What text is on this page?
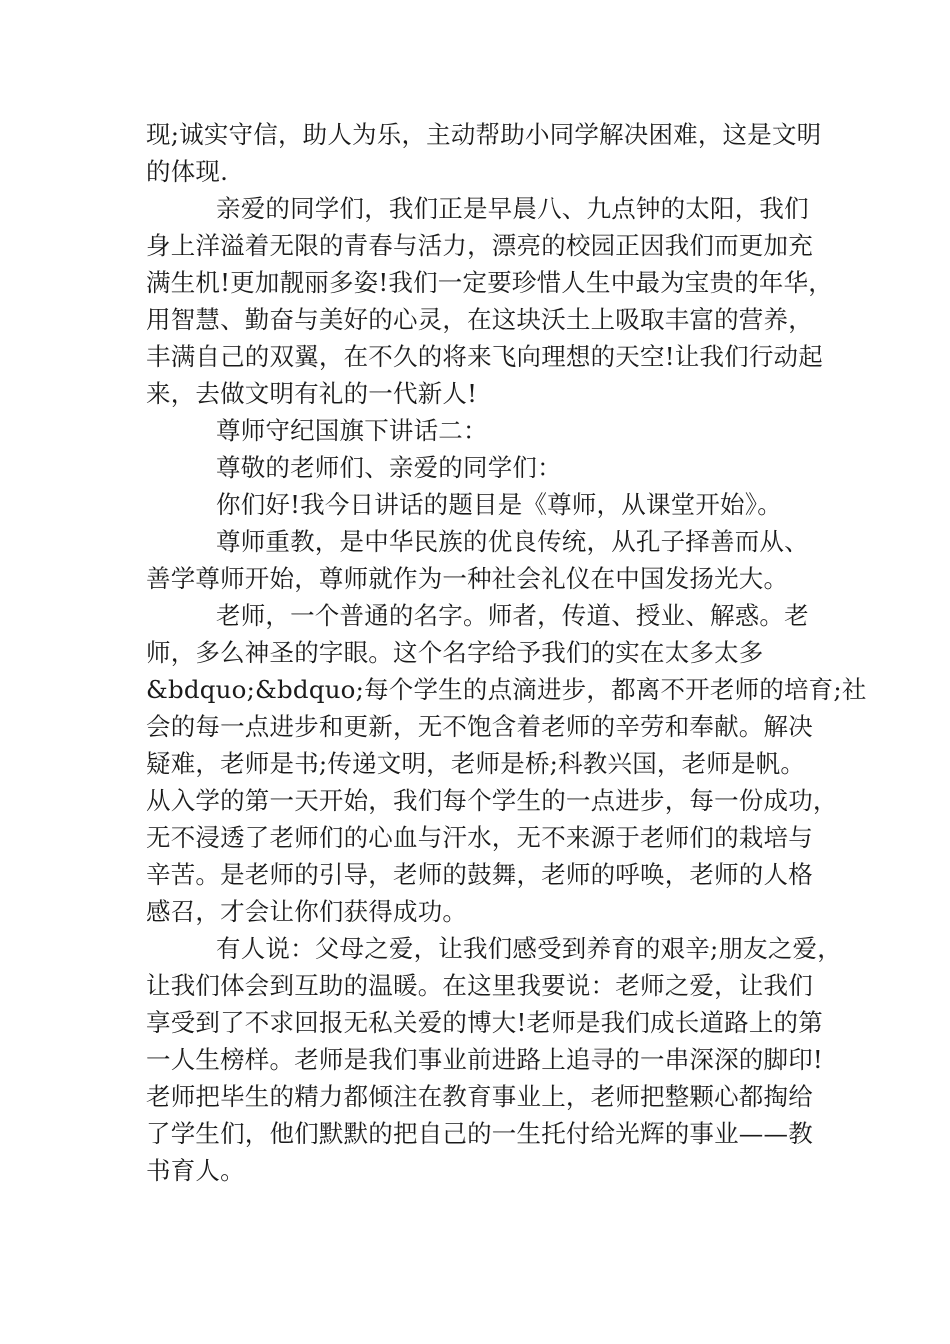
现;诚实守信，助人为乐，主动帮助小同学解决困难，这是文明
的体现.
亲爱的同学们，我们正是早晨八、九点钟的太阳，我们
身上洋溢着无限的青春与活力，漂亮的校园正因我们而更加充
满生机!更加靓丽多姿!我们一定要珍惜人生中最为宝贵的年华，
用智慧、勤奋与美好的心灵，在这块沃土上吸取丰富的营养，
丰满自己的双翼，在不久的将来飞向理想的天空!让我们行动起
来，去做文明有礼的一代新人!
尊师守纪国旗下讲话二：
尊敬的老师们、亲爱的同学们：
你们好!我今日讲话的题目是《尊师，从课堂开始》。
尊师重教，是中华民族的优良传统，从孔子择善而从、
善学尊师开始，尊师就作为一种社会礼仪在中国发扬光大。
老师，一个普通的名字。师者，传道、授业、解惑。老
师，多么神圣的字眼。这个名字给予我们的实在太多太多
&bdquo;&bdquo;每个学生的点滴进步，都离不开老师的培育;社
会的每一点进步和更新，无不饱含着老师的辛劳和奉献。解决
疑难，老师是书;传递文明，老师是桥;科教兴国，老师是帆。
从入学的第一天开始，我们每个学生的一点进步，每一份成功，
无不浸透了老师们的心血与汗水，无不来源于老师们的栽培与
辛苦。是老师的引导，老师的鼓舞，老师的呼唤，老师的人格
感召，才会让你们获得成功。
有人说：父母之爱，让我们感受到养育的艰辛;朋友之爱，
让我们体会到互助的温暖。在这里我要说：老师之爱，让我们
享受到了不求回报无私关爱的博大!老师是我们成长道路上的第
一人生榜样。老师是我们事业前进路上追寻的一串深深的脚印!
老师把毕生的精力都倾注在教育事业上，老师把整颗心都掏给
了学生们，他们默默的把自己的一生托付给光辉的事业——教
书育人。
